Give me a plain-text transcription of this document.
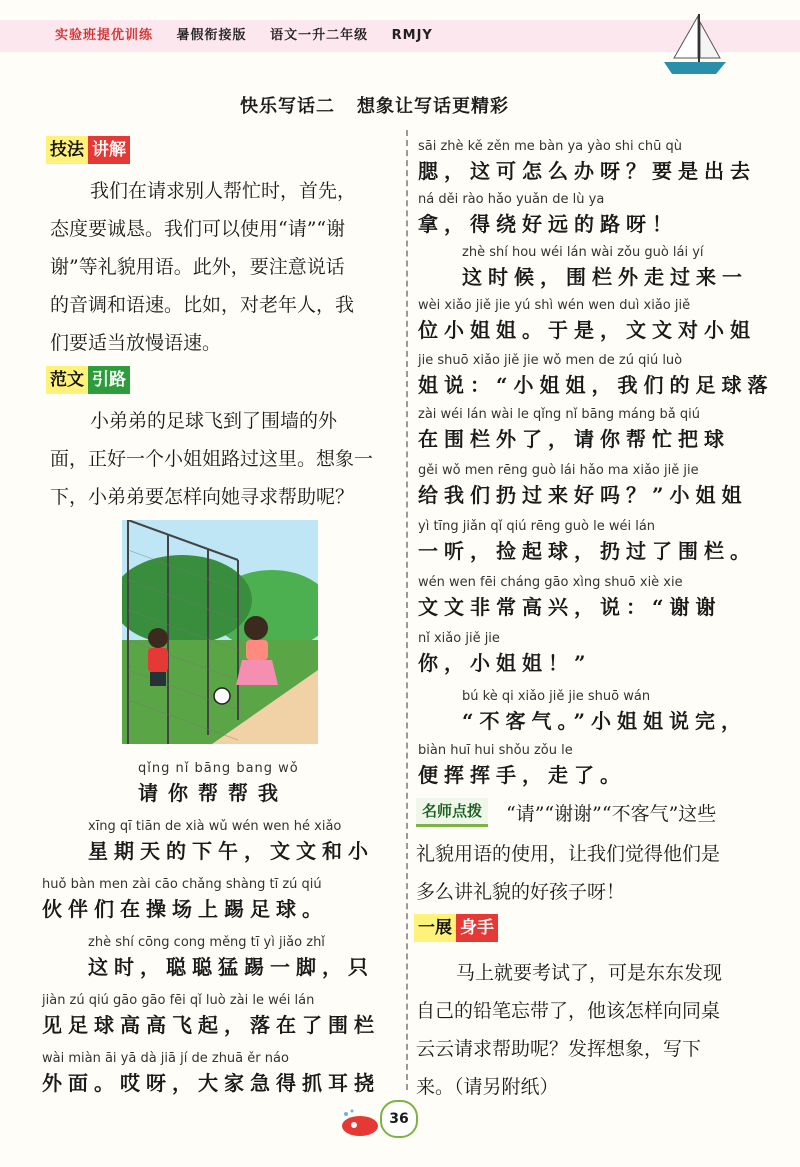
实验班提优训练 暑假衔接版 语文一升二年级 RMJY
快乐写话二 想象让写话更精彩
技法 讲解
我们在请求别人帮忙时，首先，
态度要诚恳。我们可以使用“请”“谢
谢”等礼貌用语。此外，要注意说话
的音调和语速。比如，对老年人，我
们要适当放慢语速。
范文 引路
小弟弟的足球飞到了围墙的外
面，正好一个小姐姐路过这里。想象一
下，小弟弟要怎样向她寻求帮助呢？
qǐng nǐ bāng bang wǒ
请你帮帮我
xīng qī tiān de xià wǔ wén wen hé xiǎo
星期天的下午，文文和小
huǒ bàn men zài cāo chǎng shàng tī zú qiú
伙伴们在操场上踢足球。
zhè shí cōng cong měng tī yì jiǎo zhǐ
这时，聪聪猛踢一脚，只
jiàn zú qiú gāo gāo fēi qǐ luò zài le wéi lán
见足球高高飞起，落在了围栏
wài miàn āi yā dà jiā jí de zhuā ěr náo
外面。哎呀，大家急得抓耳挠
sāi zhè kě zěn me bàn ya yào shi chū qù
腮，这可怎么办呀？要是出去
ná děi rào hǎo yuǎn de lù ya
拿，得绕好远的路呀！
zhè shí hou wéi lán wài zǒu guò lái yí
这时候，围栏外走过来一
wèi xiǎo jiě jie yú shì wén wen duì xiǎo jiě
位小姐姐。于是，文文对小姐
jie shuō xiǎo jiě jie wǒ men de zú qiú luò
姐说：“小姐姐，我们的足球落
zài wéi lán wài le qǐng nǐ bāng máng bǎ qiú
在围栏外了，请你帮忙把球
gěi wǒ men rēng guò lái hǎo ma xiǎo jiě jie
给我们扔过来好吗？”小姐姐
yì tīng jiǎn qǐ qiú rēng guò le wéi lán
一听，捡起球，扔过了围栏。
wén wen fēi cháng gāo xìng shuō xiè xie
文文非常高兴，说：“谢谢
nǐ xiǎo jiě jie
你，小姐姐！”
bú kè qi xiǎo jiě jie shuō wán
“不客气。”小姐姐说完，
biàn huī hui shǒu zǒu le
便挥挥手，走了。
名师点拨	“请”“谢谢”“不客气”这些
礼貌用语的使用，让我们觉得他们是
多么讲礼貌的好孩子呀！
一展 身手
马上就要考试了，可是东东发现
自己的铅笔忘带了，他该怎样向同桌
云云请求帮助呢？发挥想象，写下
来。（请另附纸）
36
